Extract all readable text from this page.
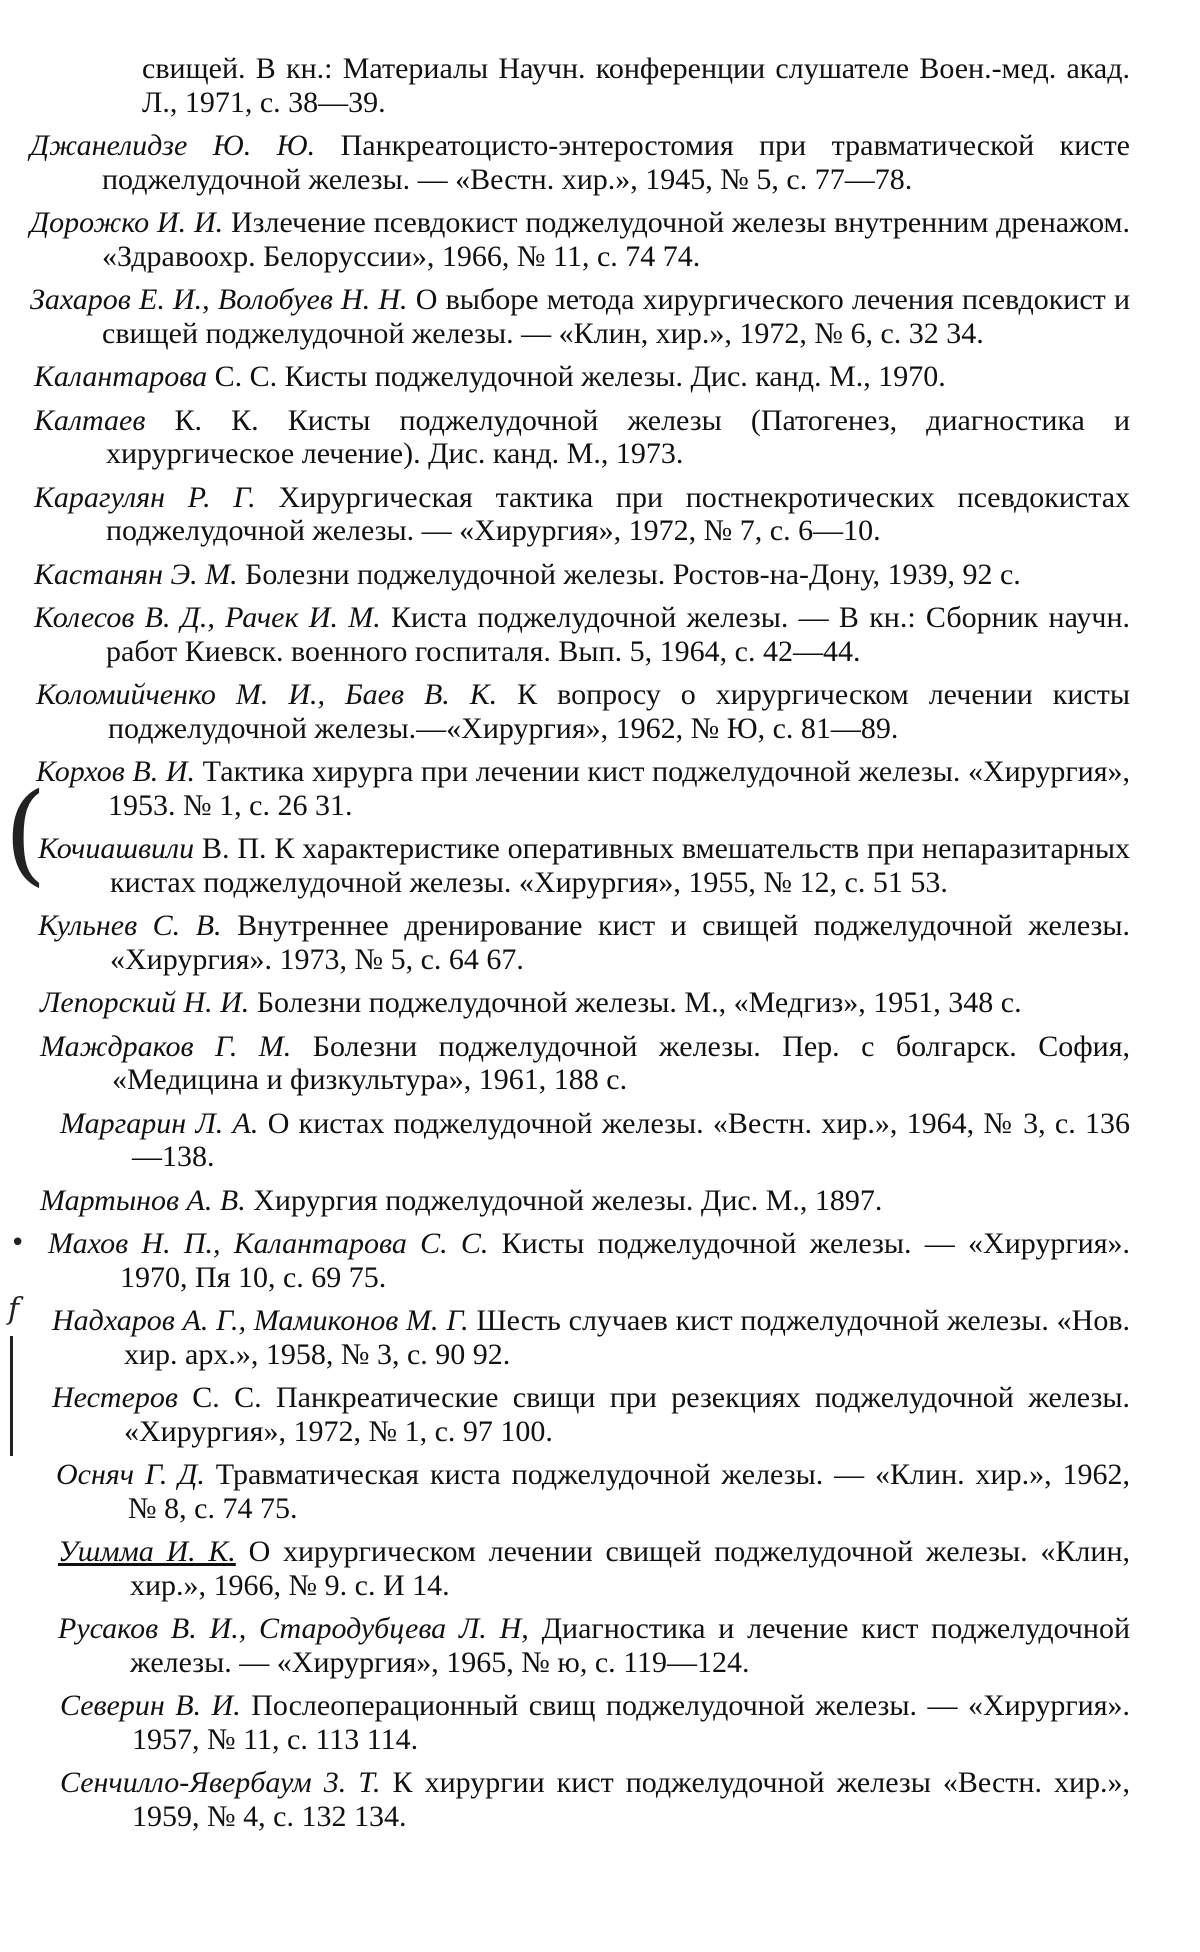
(
•
f

свищей. В кн.: Материалы Научн. конференции слушателе Воен.-мед. акад. Л., 1971, с. 38—39.

Джанелидзе Ю. Ю. Панкреатоцисто-энтеростомия при травматической кисте поджелудочной железы. — «Вестн. хир.», 1945, № 5, с. 77—78.

Дорожко И. И. Излечение псевдокист поджелудочной железы внутренним дренажом. «Здравоохр. Белоруссии», 1966, № 11, с. 74 74.

Захаров Е. И., Волобуев Н. Н. О выборе метода хирургического лечения псевдокист и свищей поджелудочной железы. — «Клин, хир.», 1972, № 6, с. 32 34.

Калантарова С. С. Кисты поджелудочной железы. Дис. канд. М., 1970.

Калтаев К. К. Кисты поджелудочной железы (Патогенез, диагностика и хирургическое лечение). Дис. канд. М., 1973.

Карагулян Р. Г. Хирургическая тактика при постнекротических псевдокистах поджелудочной железы. — «Хирургия», 1972, № 7, с. 6—10.

Кастанян Э. М. Болезни поджелудочной железы. Ростов-на-Дону, 1939, 92 с.

Колесов В. Д., Рачек И. М. Киста поджелудочной железы. — В кн.: Сборник научн. работ Киевск. военного госпиталя. Вып. 5, 1964, с. 42—44.

Коломийченко М. И., Баев В. К. К вопросу о хирургическом лечении кисты поджелудочной железы.—«Хирургия», 1962, № Ю, с. 81—89.

Корхов В. И. Тактика хирурга при лечении кист поджелудочной железы. «Хирургия», 1953. № 1, с. 26 31.

Кочиашвили В. П. К характеристике оперативных вмешательств при непаразитарных кистах поджелудочной железы. «Хирургия», 1955, № 12, с. 51 53.

Кульнев С. В. Внутреннее дренирование кист и свищей поджелудочной железы. «Хирургия». 1973, № 5, с. 64 67.

Лепорский Н. И. Болезни поджелудочной железы. М., «Медгиз», 1951, 348 с.

Маждраков Г. М. Болезни поджелудочной железы. Пер. с болгарск. София, «Медицина и физкультура», 1961, 188 с.

Маргарин Л. А. О кистах поджелудочной железы. «Вестн. хир.», 1964, № 3, с. 136—138.

Мартынов А. В. Хирургия поджелудочной железы. Дис. М., 1897.

Махов Н. П., Калантарова С. С. Кисты поджелудочной железы. — «Хирургия». 1970, Пя 10, с. 69 75.

Надхаров А. Г., Мамиконов М. Г. Шесть случаев кист поджелудочной железы. «Нов. хир. арх.», 1958, № 3, с. 90 92.

Нестеров С. С. Панкреатические свищи при резекциях поджелудочной железы. «Хирургия», 1972, № 1, с. 97 100.

Осняч Г. Д. Травматическая киста поджелудочной железы. — «Клин. хир.», 1962, № 8, с. 74 75.

Ушмма И. К. О хирургическом лечении свищей поджелудочной железы. «Клин, хир.», 1966, № 9. с. И 14.

Русаков В. И., Стародубцева Л. Н, Диагностика и лечение кист поджелудочной железы. — «Хирургия», 1965, № ю, с. 119—124.

Северин В. И. Послеоперационный свищ поджелудочной железы. — «Хирургия». 1957, № 11, с. 113 114.

Сенчилло-Явербаум 3. Т. К хирургии кист поджелудочной железы «Вестн. хир.», 1959, № 4, с. 132 134.
